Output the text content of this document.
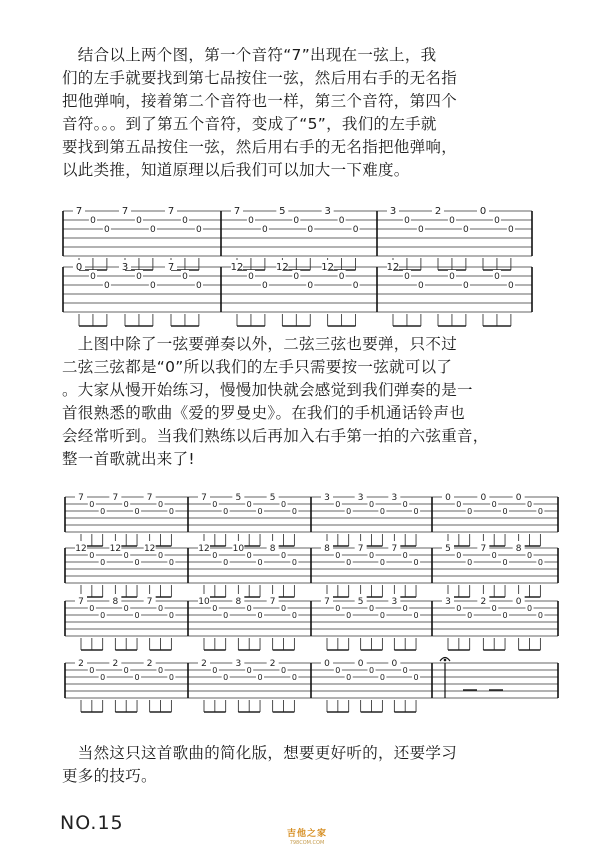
　结合以上两个图，第一个音符“7”出现在一弦上，我
们的左手就要找到第七品按住一弦，然后用右手的无名指
把他弹响，接着第二个音符也一样，第三个音符，第四个
音符。。。到了第五个音符，变成了“5”，我们的左手就
要找到第五品按住一弦，然后用右手的无名指把他弹响，
以此类推，知道原理以后我们可以加大一下难度。
　上图中除了一弦要弹奏以外，二弦三弦也要弹，只不过
二弦三弦都是“0”所以我们的左手只需要按一弦就可以了
。大家从慢开始练习，慢慢加快就会感觉到我们弹奏的是一
首很熟悉的歌曲《爱的罗曼史》。在我们的手机通话铃声也
会经常听到。当我们熟练以后再加入右手第一拍的六弦重音，
整一首歌就出来了!
　当然这只这首歌曲的简化版，想要更好听的，还要学习
更多的技巧。
7
0
0
7
0
0
7
0
0
7
0
0
5
0
0
3
0
0
3
0
0
2
0
0
0
0
0
0
0
0
3
0
0
7
0
0
12
0
0
12
0
0
12
0
0
12
0
0
0
0
0
0
7
0
0
7
0
0
7
0
0
7
0
0
5
0
0
5
0
0
3
0
0
3
0
0
3
0
0
0
0
0
0
0
0
0
0
0
12
0
0
12
0
0
12
0
0
12
0
0
10
0
0
8
0
0
8
0
0
7
0
0
7
0
0
5
0
0
7
0
0
8
0
0
7
0
0
8
0
0
7
0
0
10
0
0
8
0
0
7
0
0
7
0
0
5
0
0
3
0
0
3
0
0
2
0
0
0
0
0
2
0
0
2
0
0
2
0
0
2
0
0
3
0
0
2
0
0
0
0
0
0
0
0
0
0
0
NO.15	吉他之家
798COM.COM
